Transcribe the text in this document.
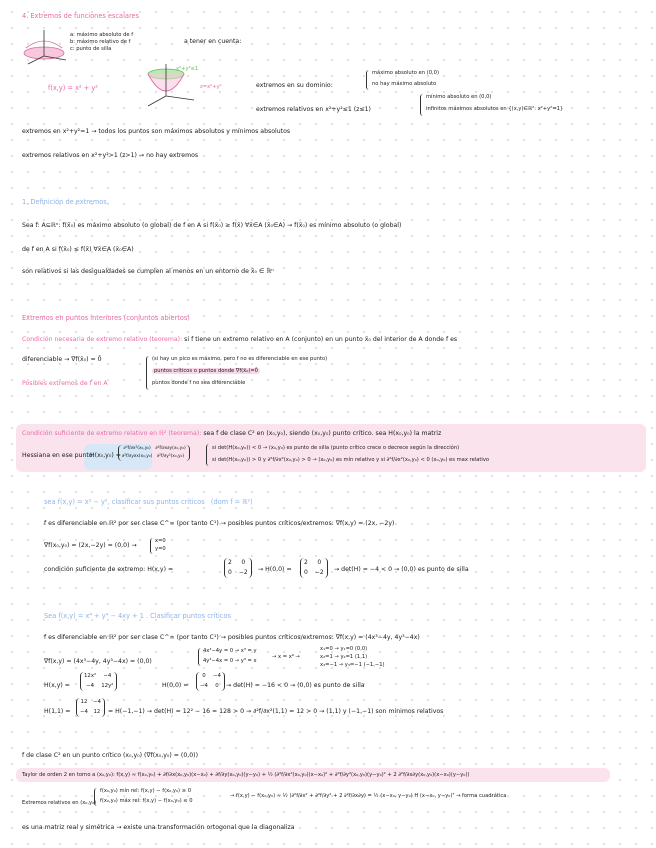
4. Extremos de funciones escalares
a: máximo absoluto de f
b: máximo relativo de f
c: punto de silla
a tener en cuenta:
f(x,y) = x² + y²
x²+y²≤1
z=x²+y²	extremos en su dominio:
máximo absoluto en (0,0)
no hay máximo absoluto
extremos relativos en x²+y²≤1 (z≤1)
mínimo absoluto en (0,0)
infinitos máximos absolutos en {(x,y)∈ℝ²: x²+y²=1}
extremos en x²+y²=1 → todos los puntos son máximos absolutos y mínimos absolutos
extremos relativos en x²+y²>1 (z>1) → no hay extremos
1. Definición de extremos
Sea f: A⊆ℝⁿ: f(x̄₀) es máximo absoluto (o global) de f en A si f(x̄₀) ≥ f(x̄) ∀x̄∈A (x̄₀∈A) → f(x̄₀) es mínimo absoluto (o global)
de f en A si f(x̄₀) ≤ f(x̄) ∀x̄∈A (x̄₀∈A)
son relativos si las desigualdades se cumplen al menos en un entorno de x̄₀ ∈ ℝⁿ
Extremos en puntos interiores (conjuntos abiertos)
Condición necesaria de extremo relativo (teorema): si f tiene un extremo relativo en A (conjunto) en un punto x̄₀ del interior de A donde f es
diferenciable → ∇f(x̄₀) = 0̄
Posibles extremos de f en A
(si hay un pico es máximo, pero f no es diferenciable en ese punto)
puntos críticos o puntos donde ∇f(x̄₀)=0̄
puntos donde f no sea diferenciable
Condición suficiente de extremo relativo en ℝ² (teorema): sea f de clase C² en (x₀,y₀), siendo (x₀,y₀) punto crítico. sea H(x₀,y₀) la matriz
Hessiana en ese punto:
H(x₀,y₀) =
∂²f/∂x²(x₀,y₀)	∂²f/∂x∂y(x₀,y₀)
∂²f/∂y∂x(x₀,y₀)	∂²f/∂y²(x₀,y₀)
si det(H(x₀,y₀)) < 0 → (x₀,y₀) es punto de silla (punto crítico crece o decrece según la dirección)
si det(H(x₀,y₀)) > 0 y ∂²f/∂x²(x₀,y₀) > 0 → (x₀,y₀) es mín relativo y si ∂²f/∂x²(x₀,y₀) < 0 (x₀,y₀) es max relativo
sea f(x,y) = x² − y², clasificar sus puntos críticos (dom f = ℝ²)
f es diferenciable en ℝ² por ser clase C^∞ (por tanto C¹) → posibles puntos críticos/extremos: ∇f(x,y) = (2x, −2y)
∇f(x₀,y₀) = (2x,−2y) = (0,0) →
x=0
y=0
condición suficiente de extremo: H(x,y) =
2	0
0	−2 → H(0,0) =
2	0
0	−2 → det(H) = −4 < 0 → (0,0) es punto de silla
Sea f(x,y) = x⁴ + y⁴ − 4xy + 1 . Clasificar puntos críticos
f es diferenciable en ℝ² por ser clase C^∞ (por tanto C¹) → posibles puntos críticos/extremos: ∇f(x,y) = (4x³−4y, 4y³−4x)
∇f(x,y) = (4x³−4y, 4y³−4x) = (0,0)
4x³−4y = 0 → x³ = y
4y³−4x = 0 → y³ = x
→ x = x⁹ →
x₁=0 → y₁=0 (0,0)
x₂=1 → y₂=1 (1,1)
x₃=−1 → y₃=−1 (−1,−1)
H(x,y) =
12x²	−4
−4	12y²	H(0,0) =
0	−4
−4	0 → det(H) = −16 < 0 → (0,0) es punto de silla
H(1,1) =
12	−4
−4	12 = H(−1,−1) → det(H) = 12² − 16 = 128 > 0 → ∂²f/∂x²(1,1) = 12 > 0 → (1,1) y (−1,−1) son mínimos relativos
f de clase C² en un punto crítico (x₀,y₀) (∇f(x₀,y₀) = (0,0))
Taylor de orden 2 en torno a (x₀,y₀): f(x,y) ≈ f(x₀,y₀) + ∂f/∂x(x₀,y₀)(x−x₀) + ∂f/∂y(x₀,y₀)(y−y₀) + ½ (∂²f/∂x²(x₀,y₀)(x−x₀)² + ∂²f/∂y²(x₀,y₀)(y−y₀)² + 2 ∂²f/∂x∂y(x₀,y₀)(x−x₀)(y−y₀))
Extremos relativos en (x₀,y₀)
f(x₀,y₀) mín rel: f(x,y) − f(x₀,y₀) ≥ 0
f(x₀,y₀) máx rel: f(x,y) − f(x₀,y₀) ≤ 0
→ f(x,y) − f(x₀,y₀) ≈ ½ (∂²f/∂x² + ∂²f/∂y² + 2 ∂²f/∂x∂y) = ½ (x−x₀, y−y₀) H (x−x₀, y−y₀)ᵀ → forma cuadrática
es una matriz real y simétrica → existe una transformación ortogonal que la diagonaliza
